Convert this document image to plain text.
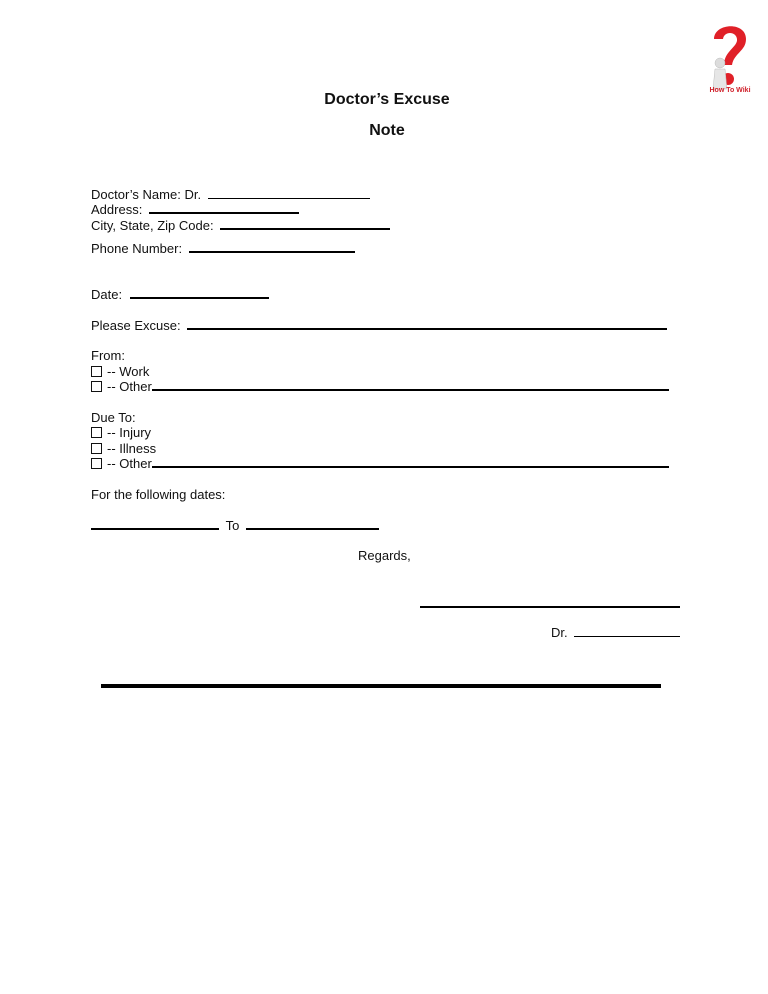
How To Wiki
Doctor’s Excuse
Note
Doctor’s Name: Dr.
Address:
City, State, Zip Code:
Phone Number:
Date:
Please Excuse:
From:
-- Work
-- Other
Due To:
-- Injury
-- Illness
-- Other
For the following dates:
To
Regards,
Dr.
